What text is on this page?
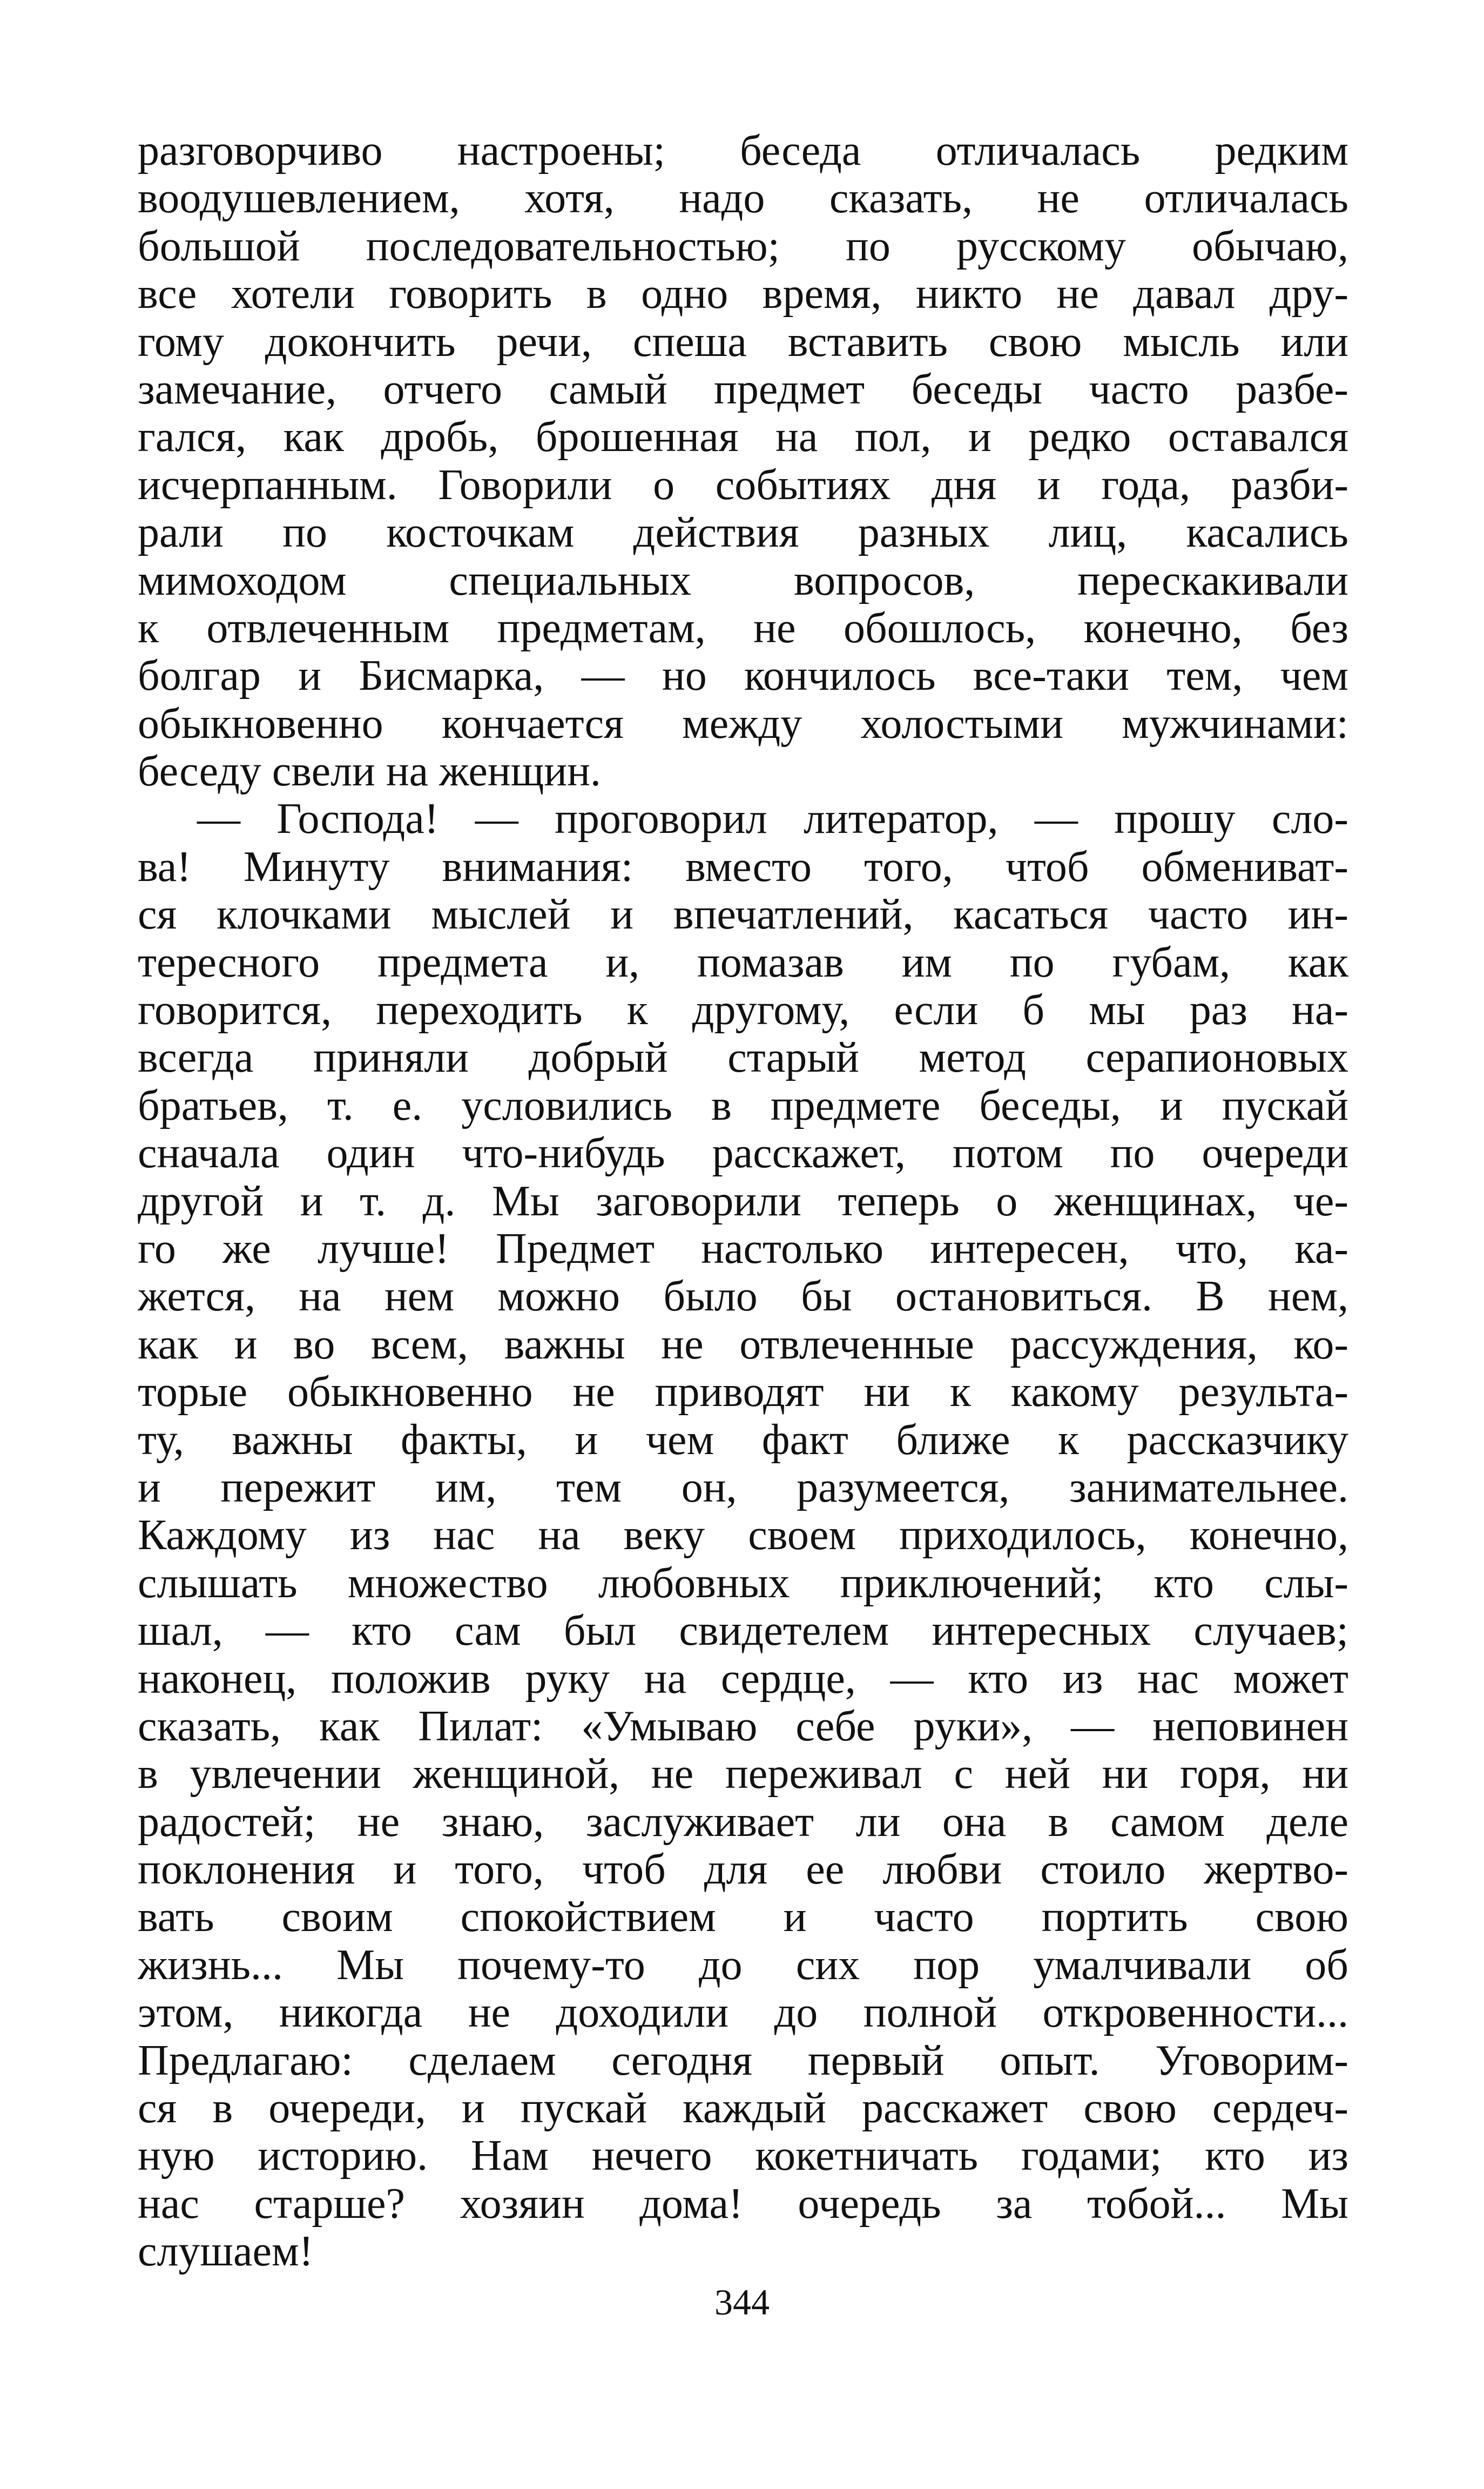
разговорчиво настроены; беседа отличалась редким
воодушевлением, хотя, надо сказать, не отличалась
большой последовательностью; по русскому обычаю,
все хотели говорить в одно время, никто не давал дру-
гому докончить речи, спеша вставить свою мысль или
замечание, отчего самый предмет беседы часто разбе-
гался, как дробь, брошенная на пол, и редко оставался
исчерпанным. Говорили о событиях дня и года, разби-
рали по косточкам действия разных лиц, касались
мимоходом специальных вопросов, перескакивали
к отвлеченным предметам, не обошлось, конечно, без
болгар и Бисмарка, — но кончилось все-таки тем, чем
обыкновенно кончается между холостыми мужчинами:
беседу свели на женщин.
— Господа! — проговорил литератор, — прошу сло-
ва! Минуту внимания: вместо того, чтоб обмениват-
ся клочками мыслей и впечатлений, касаться часто ин-
тересного предмета и, помазав им по губам, как
говорится, переходить к другому, если б мы раз на-
всегда приняли добрый старый метод серапионовых
братьев, т. е. условились в предмете беседы, и пускай
сначала один что-нибудь расскажет, потом по очереди
другой и т. д. Мы заговорили теперь о женщинах, че-
го же лучше! Предмет настолько интересен, что, ка-
жется, на нем можно было бы остановиться. В нем,
как и во всем, важны не отвлеченные рассуждения, ко-
торые обыкновенно не приводят ни к какому результа-
ту, важны факты, и чем факт ближе к рассказчику
и пережит им, тем он, разумеется, занимательнее.
Каждому из нас на веку своем приходилось, конечно,
слышать множество любовных приключений; кто слы-
шал, — кто сам был свидетелем интересных случаев;
наконец, положив руку на сердце, — кто из нас может
сказать, как Пилат: «Умываю себе руки», — неповинен
в увлечении женщиной, не переживал с ней ни горя, ни
радостей; не знаю, заслуживает ли она в самом деле
поклонения и того, чтоб для ее любви стоило жертво-
вать своим спокойствием и часто портить свою
жизнь... Мы почему-то до сих пор умалчивали об
этом, никогда не доходили до полной откровенности...
Предлагаю: сделаем сегодня первый опыт. Уговорим-
ся в очереди, и пускай каждый расскажет свою сердеч-
ную историю. Нам нечего кокетничать годами; кто из
нас старше? хозяин дома! очередь за тобой... Мы
слушаем!
344
